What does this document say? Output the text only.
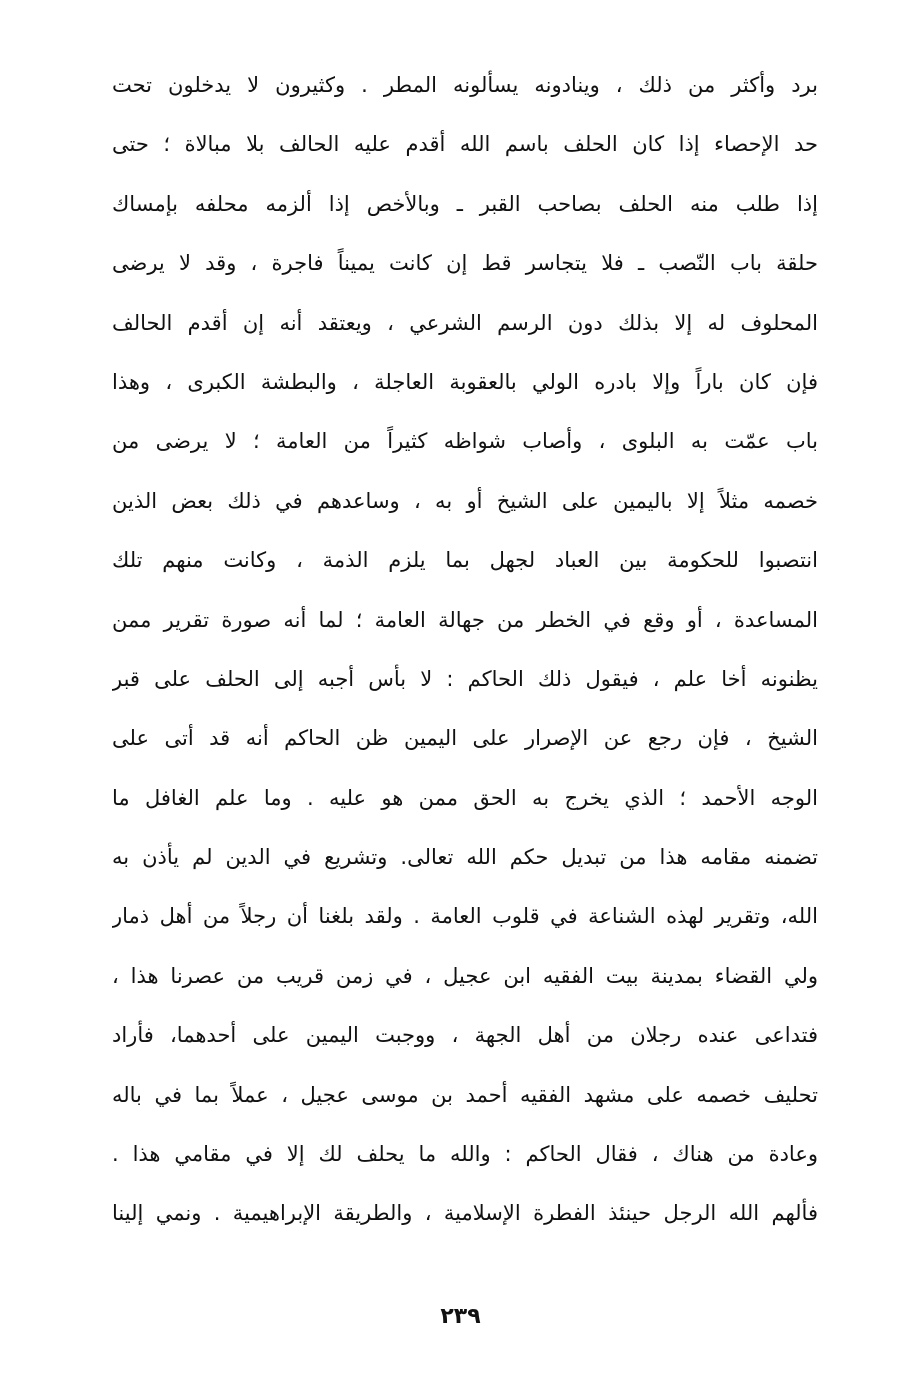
برد وأكثر من ذلك ، وينادونه يسألونه المطر . وكثيرون لا يدخلون تحت
حد الإحصاء إذا كان الحلف باسم الله أقدم عليه الحالف بلا مبالاة ؛ حتى
إذا طلب منه الحلف بصاحب القبر ـ وبالأخص إذا ألزمه محلفه بإمساك
حلقة باب النّصب ـ فلا يتجاسر قط إن كانت يميناً فاجرة ، وقد لا يرضى
المحلوف له إلا بذلك دون الرسم الشرعي ، ويعتقد أنه إن أقدم الحالف
فإن كان باراً وإلا بادره الولي بالعقوبة العاجلة ، والبطشة الكبرى ، وهذا
باب عمّت به البلوى ، وأصاب شواظه كثيراً من العامة ؛ لا يرضى من
خصمه مثلاً إلا باليمين على الشيخ أو به ، وساعدهم في ذلك بعض الذين
انتصبوا للحكومة بين العباد لجهل بما يلزم الذمة ، وكانت منهم تلك
المساعدة ، أو وقع في الخطر من جهالة العامة ؛ لما أنه صورة تقرير ممن
يظنونه أخا علم ، فيقول ذلك الحاكم : لا بأس أجبه إلى الحلف على قبر
الشيخ ، فإن رجع عن الإصرار على اليمين ظن الحاكم أنه قد أتى على
الوجه الأحمد ؛ الذي يخرج به الحق ممن هو عليه . وما علم الغافل ما
تضمنه مقامه هذا من تبديل حكم الله تعالى. وتشريع في الدين لم يأذن به
الله، وتقرير لهذه الشناعة في قلوب العامة . ولقد بلغنا أن رجلاً من أهل ذمار
ولي القضاء بمدينة بيت الفقيه ابن عجيل ، في زمن قريب من عصرنا هذا ،
فتداعى عنده رجلان من أهل الجهة ، ووجبت اليمين على أحدهما، فأراد
تحليف خصمه على مشهد الفقيه أحمد بن موسى عجيل ، عملاً بما في باله
وعادة من هناك ، فقال الحاكم : والله ما يحلف لك إلا في مقامي هذا .
فألهم الله الرجل حينئذ الفطرة الإسلامية ، والطريقة الإبراهيمية . ونمي إلينا
٢٣٩
